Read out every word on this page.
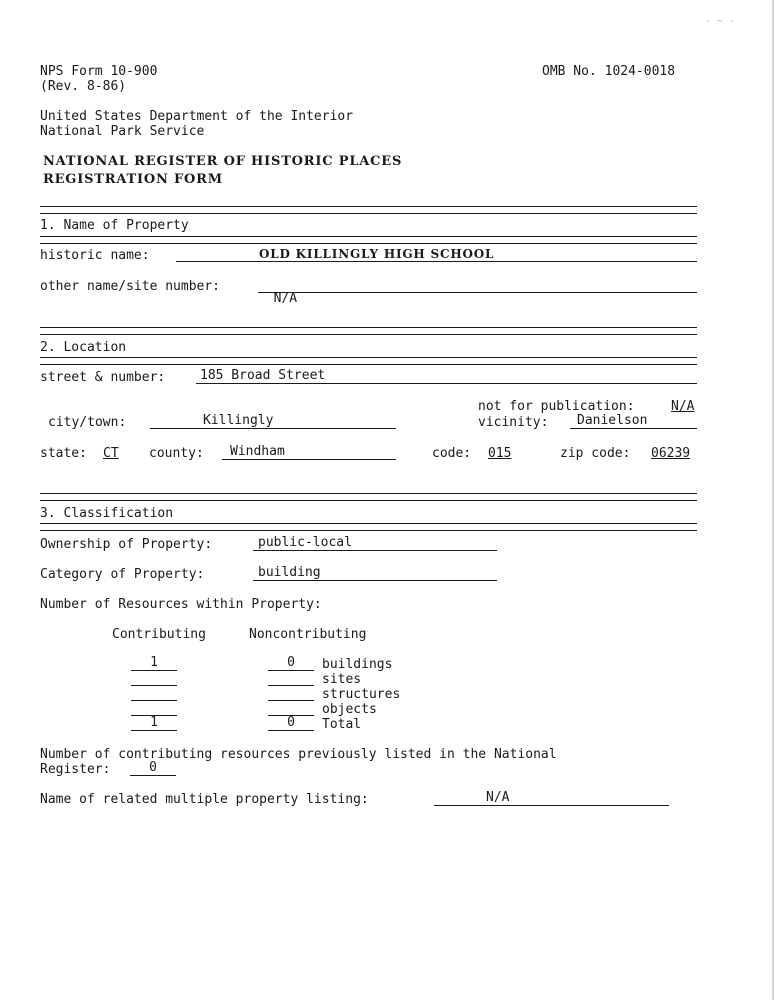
· ~ ·
NPS Form 10-900
(Rev. 8-86)
OMB No. 1024-0018
United States Department of the Interior
National Park Service
NATIONAL REGISTER OF HISTORIC PLACES
REGISTRATION FORM
1. Name of Property
historic name:

	OLD KILLINGLY HIGH SCHOOL

other name/site number:

N/A

2. Location
street & number:

	185 Broad Street

not for publication:	N/A
city/town:

	Killingly	vicinity:

Danielson

state: CT county:

Windham	code: 015	zip code: 06239
3. Classification
Ownership of Property:

	public-local

Category of Property:

	building

Number of Resources within Property:
Contributing	Noncontributing
1	0	buildings
sites
structures
objects
1	0	Total
Number of contributing resources previously listed in the National
Register:	0
Name of related multiple property listing:

	N/A
